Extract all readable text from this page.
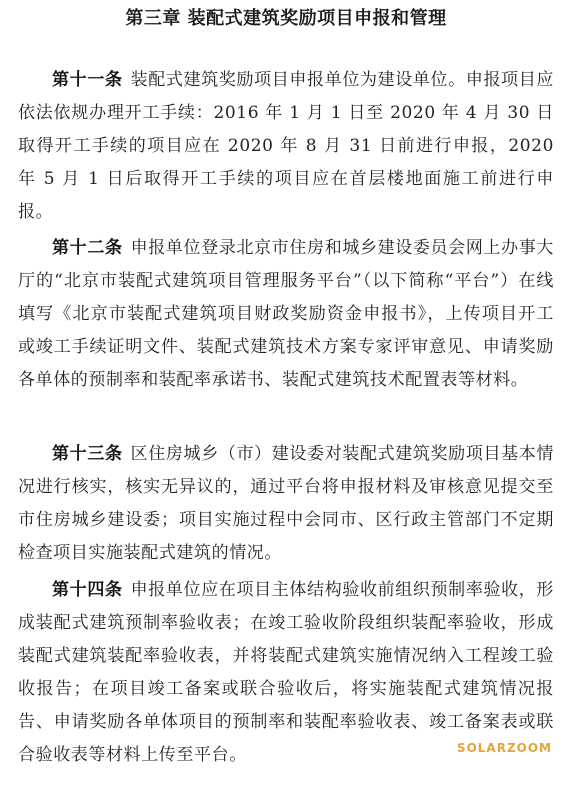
第三章 装配式建筑奖励项目申报和管理
第十一条 装配式建筑奖励项目申报单位为建设单位。申报项目应依法依规办理开工手续：2016 年 1 月 1 日至 2020 年 4 月 30 日取得开工手续的项目应在 2020 年 8 月 31 日前进行申报，2020 年 5 月 1 日后取得开工手续的项目应在首层楼地面施工前进行申报。
第十二条 申报单位登录北京市住房和城乡建设委员会网上办事大厅的“北京市装配式建筑项目管理服务平台”（以下简称“平台”）在线填写《北京市装配式建筑项目财政奖励资金申报书》，上传项目开工或竣工手续证明文件、装配式建筑技术方案专家评审意见、申请奖励各单体的预制率和装配率承诺书、装配式建筑技术配置表等材料。
第十三条 区住房城乡（市）建设委对装配式建筑奖励项目基本情况进行核实，核实无异议的，通过平台将申报材料及审核意见提交至市住房城乡建设委；项目实施过程中会同市、区行政主管部门不定期检查项目实施装配式建筑的情况。
第十四条 申报单位应在项目主体结构验收前组织预制率验收，形成装配式建筑预制率验收表；在竣工验收阶段组织装配率验收，形成装配式建筑装配率验收表，并将装配式建筑实施情况纳入工程竣工验收报告；在项目竣工备案或联合验收后，将实施装配式建筑情况报告、申请奖励各单体项目的预制率和装配率验收表、竣工备案表或联合验收表等材料上传至平台。	SOLARZOOM
